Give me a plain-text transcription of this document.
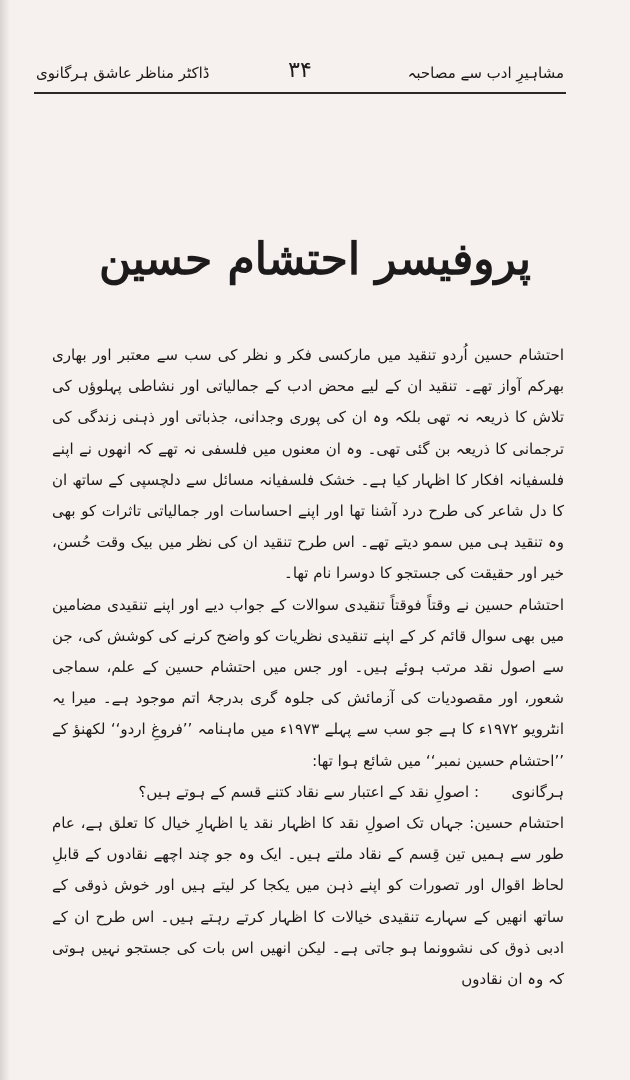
مشاہیرِ ادب سے مصاحبہ
۳۴
ڈاکٹر مناظر عاشق ہرگانوی
پروفیسر احتشام حسین

احتشام حسین اُردو تنقید میں مارکسی فکر و نظر کی سب سے معتبر اور بھاری بھرکم آواز تھے۔ تنقید ان کے لیے محض ادب کے جمالیاتی اور نشاطی پہلوؤں کی تلاش کا ذریعہ نہ تھی بلکہ وہ ان کی پوری وجدانی، جذباتی اور ذہنی زندگی کی ترجمانی کا ذریعہ بن گئی تھی۔ وہ ان معنوں میں فلسفی نہ تھے کہ انھوں نے اپنے فلسفیانہ افکار کا اظہار کیا ہے۔ خشک فلسفیانہ مسائل سے دلچسپی کے ساتھ ان کا دل شاعر کی طرح درد آشنا تھا اور اپنے احساسات اور جمالیاتی تاثرات کو بھی وہ تنقید ہی میں سمو دیتے تھے۔ اس طرح تنقید ان کی نظر میں بیک وقت حُسن، خیر اور حقیقت کی جستجو کا دوسرا نام تھا۔

احتشام حسین نے وقتاً فوقتاً تنقیدی سوالات کے جواب دیے اور اپنے تنقیدی مضامین میں بھی سوال قائم کر کے اپنے تنقیدی نظریات کو واضح کرنے کی کوشش کی، جن سے اصول نقد مرتب ہوئے ہیں۔ اور جس میں احتشام حسین کے علم، سماجی شعور، اور مقصودیات کی آزمائش کی جلوہ گری بدرجۂ اتم موجود ہے۔ میرا یہ انٹرویو ۱۹۷۲ء کا ہے جو سب سے پہلے ۱۹۷۳ء میں ماہنامہ ’’فروغِ اردو‘‘ لکھنؤ کے ’’احتشام حسین نمبر‘‘ میں شائع ہوا تھا:

ہرگانوی: اصولِ نقد کے اعتبار سے نقاد کتنے قسم کے ہوتے ہیں؟

احتشام حسین: جہاں تک اصولِ نقد کا اظہار نقد یا اظہارِ خیال کا تعلق ہے، عام طور سے ہمیں تین قِسم کے نقاد ملتے ہیں۔ ایک وہ جو چند اچھے نقادوں کے قابلِ لحاظ اقوال اور تصورات کو اپنے ذہن میں یکجا کر لیتے ہیں اور خوش ذوقی کے ساتھ انھیں کے سہارے تنقیدی خیالات کا اظہار کرتے رہتے ہیں۔ اس طرح ان کے ادبی ذوق کی نشوونما ہو جاتی ہے۔ لیکن انھیں اس بات کی جستجو نہیں ہوتی کہ وہ ان نقادوں
